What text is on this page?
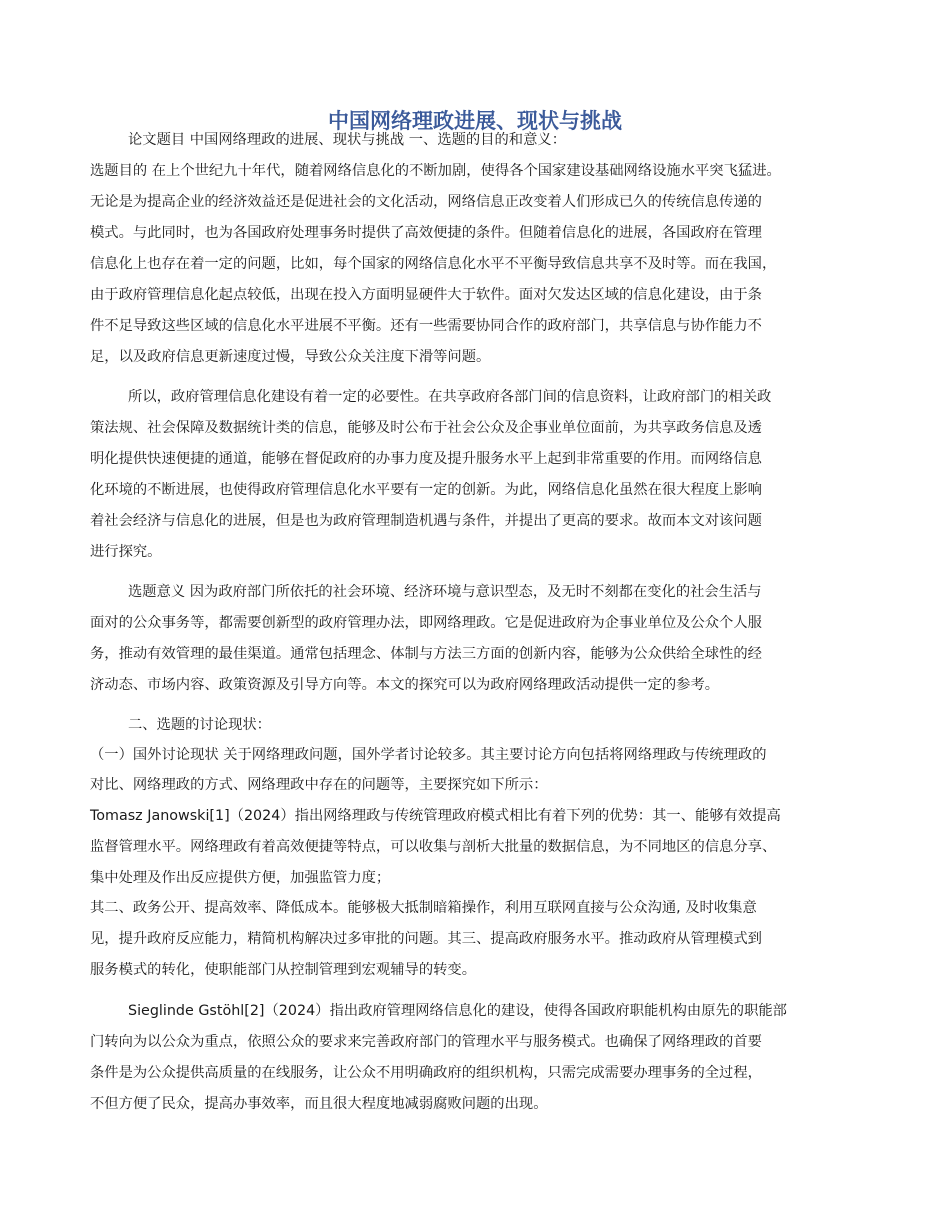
中国网络理政进展、现状与挑战
论文题目 中国网络理政的进展、现状与挑战 一、选题的目的和意义：
选题目的 在上个世纪九十年代，随着网络信息化的不断加剧，使得各个国家建设基础网络设施水平突飞猛进。
无论是为提高企业的经济效益还是促进社会的文化活动，网络信息正改变着人们形成已久的传统信息传递的
模式。与此同时，也为各国政府处理事务时提供了高效便捷的条件。但随着信息化的进展，各国政府在管理
信息化上也存在着一定的问题，比如，每个国家的网络信息化水平不平衡导致信息共享不及时等。而在我国，
由于政府管理信息化起点较低，出现在投入方面明显硬件大于软件。面对欠发达区域的信息化建设，由于条
件不足导致这些区域的信息化水平进展不平衡。还有一些需要协同合作的政府部门，共享信息与协作能力不
足，以及政府信息更新速度过慢，导致公众关注度下滑等问题。
所以，政府管理信息化建设有着一定的必要性。在共享政府各部门间的信息资料，让政府部门的相关政
策法规、社会保障及数据统计类的信息，能够及时公布于社会公众及企事业单位面前，为共享政务信息及透
明化提供快速便捷的通道，能够在督促政府的办事力度及提升服务水平上起到非常重要的作用。而网络信息
化环境的不断进展，也使得政府管理信息化水平要有一定的创新。为此，网络信息化虽然在很大程度上影响
着社会经济与信息化的进展，但是也为政府管理制造机遇与条件，并提出了更高的要求。故而本文对该问题
进行探究。
选题意义 因为政府部门所依托的社会环境、经济环境与意识型态，及无时不刻都在变化的社会生活与
面对的公众事务等，都需要创新型的政府管理办法，即网络理政。它是促进政府为企事业单位及公众个人服
务，推动有效管理的最佳渠道。通常包括理念、体制与方法三方面的创新内容，能够为公众供给全球性的经
济动态、市场内容、政策资源及引导方向等。本文的探究可以为政府网络理政活动提供一定的参考。
二、选题的讨论现状：
（一）国外讨论现状 关于网络理政问题，国外学者讨论较多。其主要讨论方向包括将网络理政与传统理政的
对比、网络理政的方式、网络理政中存在的问题等，主要探究如下所示：
Tomasz Janowski[1]（2024）指出网络理政与传统管理政府模式相比有着下列的优势：其一、能够有效提高
监督管理水平。网络理政有着高效便捷等特点，可以收集与剖析大批量的数据信息，为不同地区的信息分享、
集中处理及作出反应提供方便，加强监管力度；
其二、政务公开、提高效率、降低成本。能够极大抵制暗箱操作，利用互联网直接与公众沟通, 及时收集意
见，提升政府反应能力，精简机构解决过多审批的问题。其三、提高政府服务水平。推动政府从管理模式到
服务模式的转化，使职能部门从控制管理到宏观辅导的转变。
Sieglinde Gstöhl[2]（2024）指出政府管理网络信息化的建设，使得各国政府职能机构由原先的职能部
门转向为以公众为重点，依照公众的要求来完善政府部门的管理水平与服务模式。也确保了网络理政的首要
条件是为公众提供高质量的在线服务，让公众不用明确政府的组织机构，只需完成需要办理事务的全过程，
不但方便了民众，提高办事效率，而且很大程度地减弱腐败问题的出现。
